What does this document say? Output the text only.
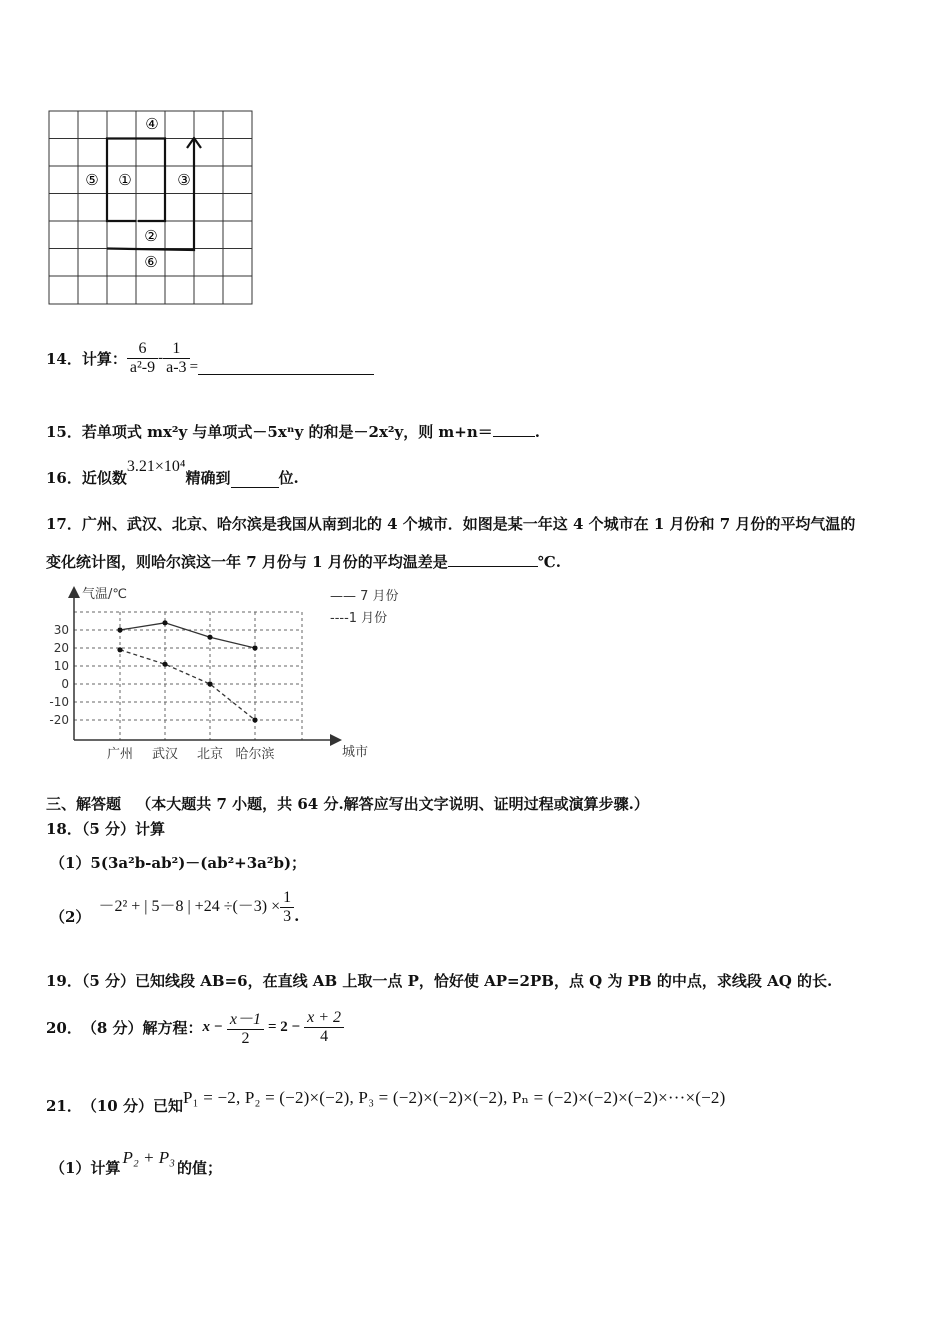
④
⑤ ①	③
②
⑥
14． 计算： $\frac{6}{\text{a²-9}} - \frac{1}{a-3}$ =
15．若单项式 mx²y 与单项式－5xⁿy 的和是－2x²y，则 m+n＝	.
16． 近似数
3.21×10⁴
精确到	位.
17．广州、武汉、北京、哈尔滨是我国从南到北的 4 个城市．如图是某一年这 4 个城市在 1 月份和 7 月份的平均气温的
变化统计图，则哈尔滨这一年 7 月份与 1 月份的平均温差是	℃.
气温/℃
城市
30
20
10
0
-10
-20
广州 武汉 北京 哈尔滨
—— 7 月份
----1 月份
三、解答题 （本大题共 7 小题，共 64 分.解答应写出文字说明、证明过程或演算步骤.）
18．（5 分）计算
（1）5(3a²b-ab²)－(ab²+3a²b)；
（2）
－2² + | 5－8 | $+24 \div(-3) \times \frac{1}{3}$ .
19．（5 分）已知线段 AB=6，在直线 AB 上取一点 P，恰好使 AP=2PB，点 Q 为 PB 的中点，求线段 AQ 的长.
20． （8 分）解方程： $x - \frac{x-1}{2} = 2 - \frac{x + 2}{4}$
21． （10 分）已知 P₁ = −2, P₂ = (−2)×(−2), P₃ = (−2)×(−2)×(−2), Pₙ = (−2)×(−2)×(−2)×···×(−2)
（1）计算
P₂ + P₃
的值；
